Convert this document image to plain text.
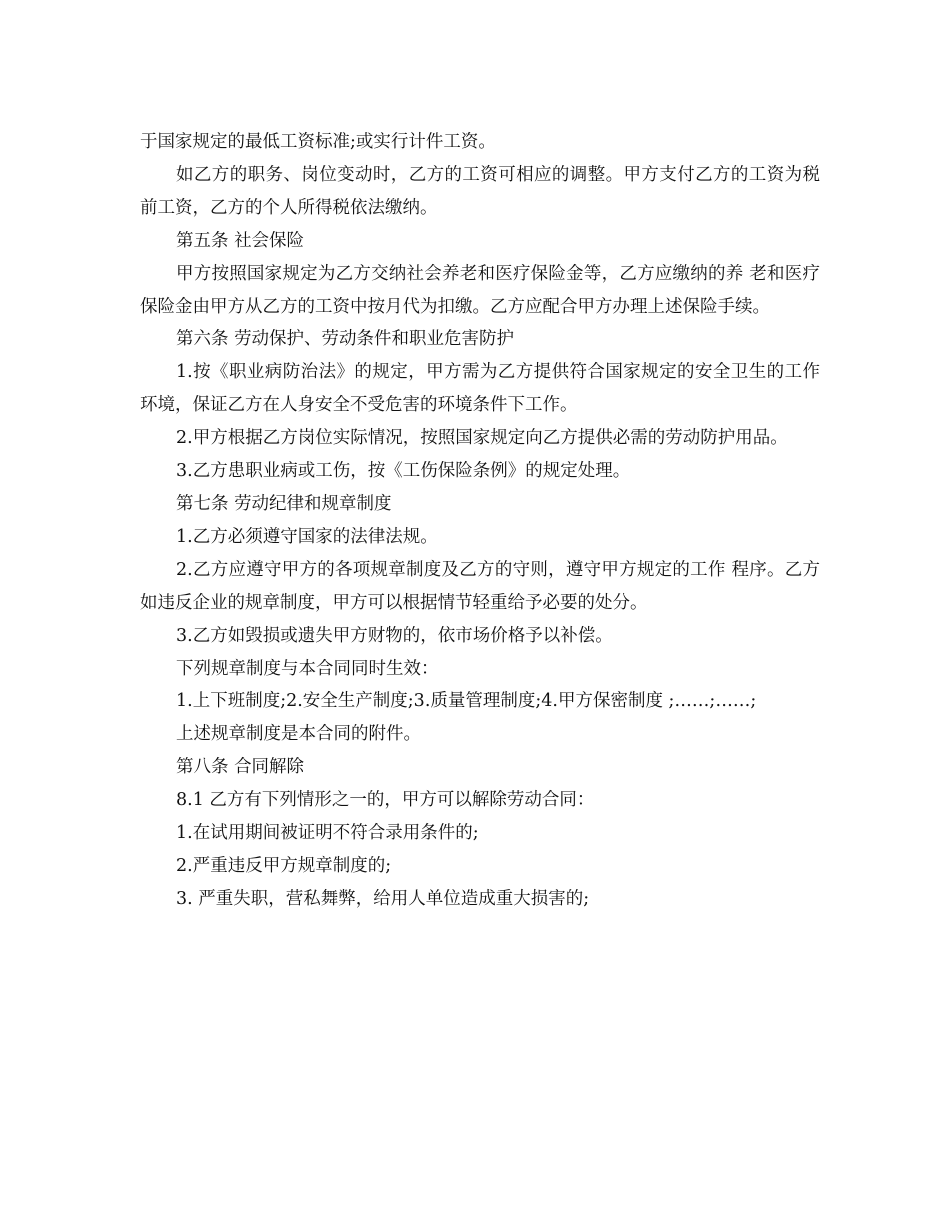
于国家规定的最低工资标准;或实行计件工资。

如乙方的职务、岗位变动时，乙方的工资可相应的调整。甲方支付乙方的工资为税前工资，乙方的个人所得税依法缴纳。

第五条 社会保险

甲方按照国家规定为乙方交纳社会养老和医疗保险金等，乙方应缴纳的养 老和医疗保险金由甲方从乙方的工资中按月代为扣缴。乙方应配合甲方办理上述保险手续。

第六条 劳动保护、劳动条件和职业危害防护

1.按《职业病防治法》的规定，甲方需为乙方提供符合国家规定的安全卫生的工作环境，保证乙方在人身安全不受危害的环境条件下工作。

2.甲方根据乙方岗位实际情况，按照国家规定向乙方提供必需的劳动防护用品。

3.乙方患职业病或工伤，按《工伤保险条例》的规定处理。

第七条 劳动纪律和规章制度

1.乙方必须遵守国家的法律法规。

2.乙方应遵守甲方的各项规章制度及乙方的守则，遵守甲方规定的工作 程序。乙方如违反企业的规章制度，甲方可以根据情节轻重给予必要的处分。

3.乙方如毁损或遗失甲方财物的，依市场价格予以补偿。

下列规章制度与本合同同时生效：

1.上下班制度;2.安全生产制度;3.质量管理制度;4.甲方保密制度 ;……;……;

上述规章制度是本合同的附件。

第八条 合同解除

8.1 乙方有下列情形之一的，甲方可以解除劳动合同：

1.在试用期间被证明不符合录用条件的;

2.严重违反甲方规章制度的;

3. 严重失职，营私舞弊，给用人单位造成重大损害的;
